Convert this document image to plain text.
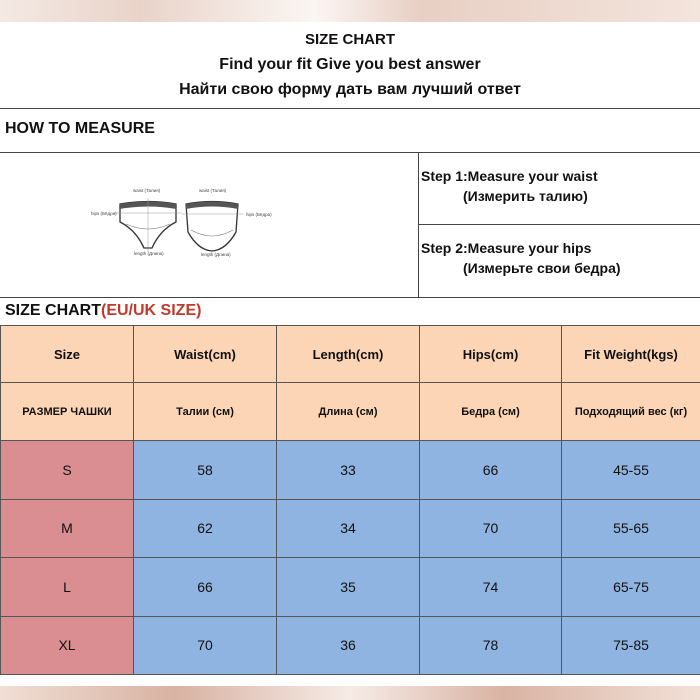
SIZE CHART
Find your fit Give you best answer
Найти свою форму дать вам лучший ответ
HOW TO MEASURE
waist (Талия)	waist (Талия)
hips (Бёдра)	hips (Бёдра)
length (Длина)	length (Длина)
Step 1:Measure your waist
(Измерить талию)
Step 2:Measure your hips
(Измерьте свои бедра)
SIZE CHART(EU/UK SIZE)
Size	Waist(cm)	Length(cm)	Hips(cm)	Fit Weight(kgs)
РАЗМЕР ЧАШКИ	Талии (см)	Длина (см)	Бедра (см)	Подходящий вес (кг)
S	58	33	66	45-55
M	62	34	70	55-65
L	66	35	74	65-75
XL	70	36	78	75-85
